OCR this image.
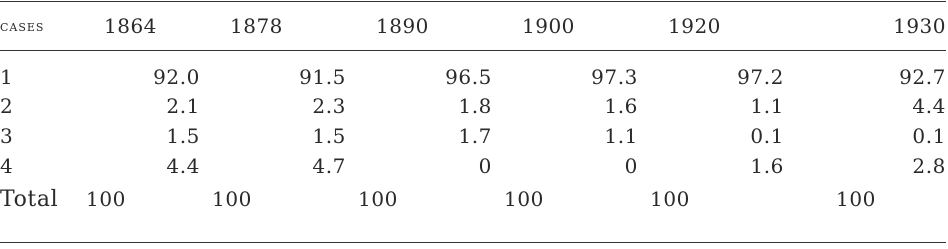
cases	1864	1878	1890	1900	1920	1930
1	92.0	91.5	96.5	97.3	97.2	92.7
2	2.1	2.3	1.8	1.6	1.1	4.4
3	1.5	1.5	1.7	1.1	0.1	0.1
4	4.4	4.7	0	0	1.6	2.8
Total	100	100	100	100	100	100
